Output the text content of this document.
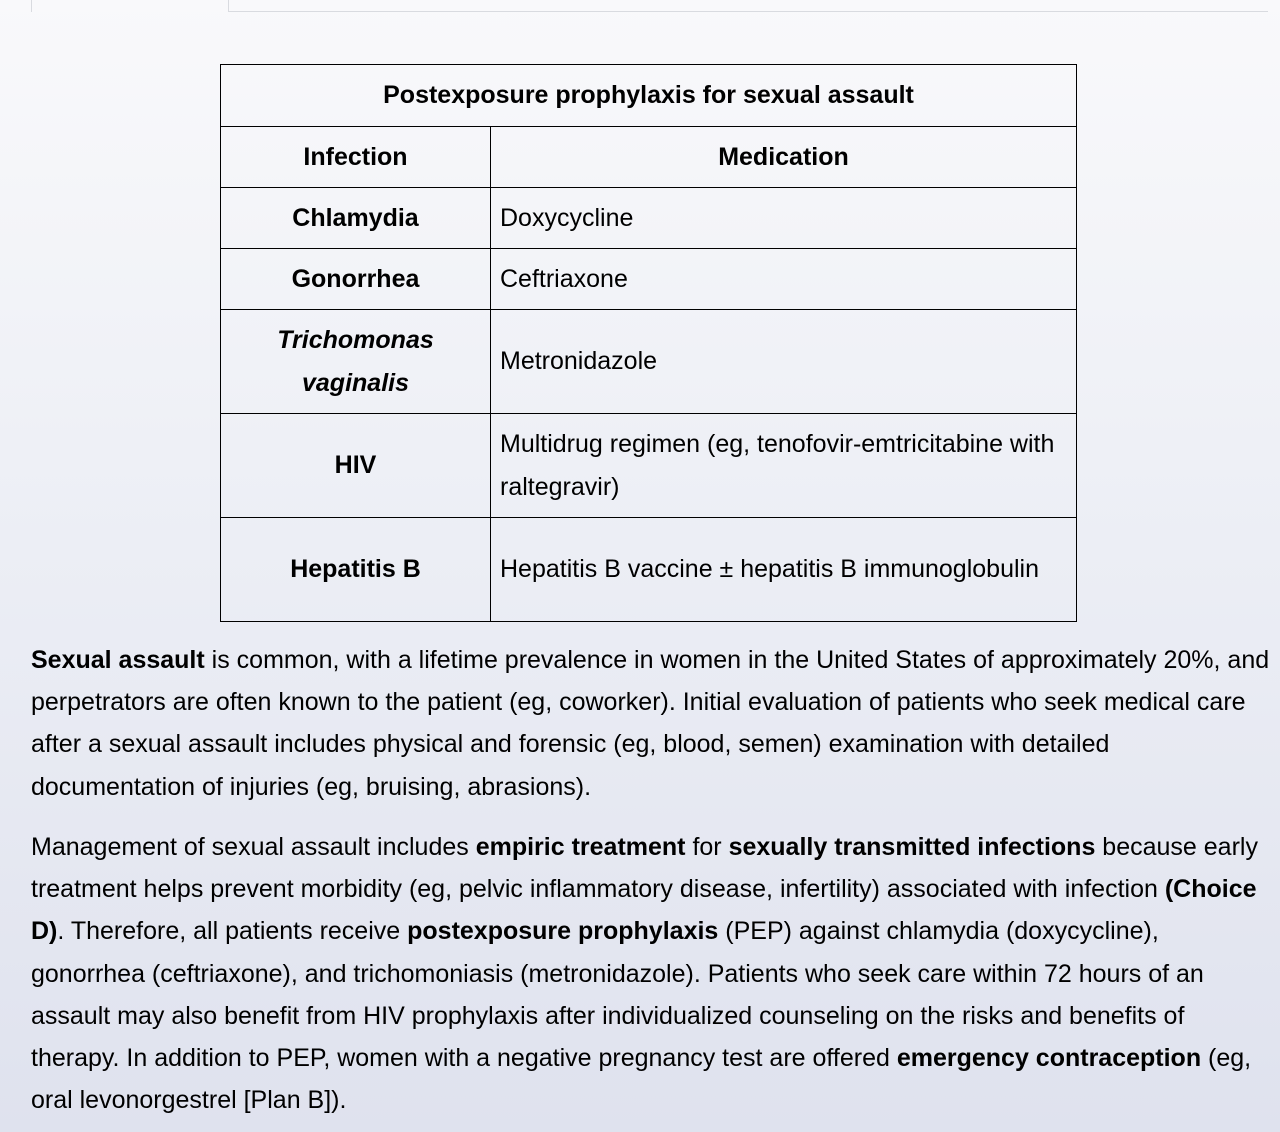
Postexposure prophylaxis for sexual assault	
Infection	Medication
Chlamydia	Doxycycline
Gonorrhea	Ceftriaxone
Trichomonas vaginalis	Metronidazole
HIV	Multidrug regimen (eg, tenofovir-emtricitabine with raltegravir)
Hepatitis B	Hepatitis B vaccine ± hepatitis B immunoglobulin

Sexual assault is common, with a lifetime prevalence in women in the United States of approximately 20%, and perpetrators are often known to the patient (eg, coworker). Initial evaluation of patients who seek medical care after a sexual assault includes physical and forensic (eg, blood, semen) examination with detailed documentation of injuries (eg, bruising, abrasions).

Management of sexual assault includes empiric treatment for sexually transmitted infections because early treatment helps prevent morbidity (eg, pelvic inflammatory disease, infertility) associated with infection (Choice D). Therefore, all patients receive postexposure prophylaxis (PEP) against chlamydia (doxycycline), gonorrhea (ceftriaxone), and trichomoniasis (metronidazole). Patients who seek care within 72 hours of an assault may also benefit from HIV prophylaxis after individualized counseling on the risks and benefits of therapy. In addition to PEP, women with a negative pregnancy test are offered emergency contraception (eg, oral levonorgestrel [Plan B]).
